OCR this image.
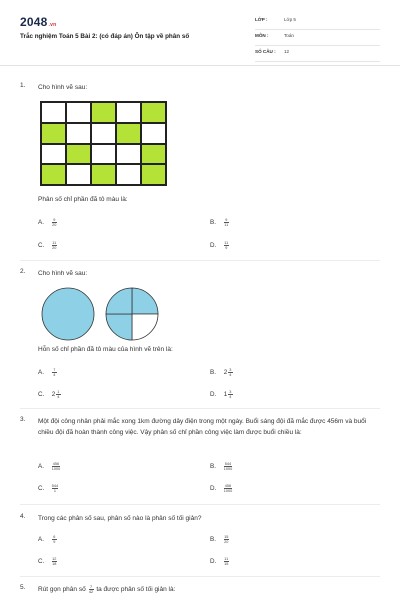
2048.vn
Trắc nghiệm Toán 5 Bài 2: (có đáp án) Ôn tập về phân số
LỚP :	Lớp 5
MÔN :	Toán
SỐ CÂU : 12
1. Cho hình vẽ sau:
Phân số chỉ phần đã tô màu là:
A. $\frac{9}{20}$	B. $\frac{9}{11}$
C. $\frac{11}{20}$	D. $\frac{11}{9}$
2. Cho hình vẽ sau:
Hỗn số chỉ phần đã tô màu của hình vẽ trên là:
A. $\frac{7}{4}$	B. $2 \frac{3}{4}$
C. $2 \frac{1}{4}$	D. $1 \frac{3}{4}$
3. Một đội công nhân phải mắc xong 1km đường dây điện trong một ngày. Buổi sáng đội đã mắc được 456m và buổi chiều đội đã hoàn thành công việc. Vậy phân số chỉ phần công việc làm được buổi chiều là:
A. $\frac{456}{1000}$	B. $\frac{544}{1000}$
C. $\frac{544}{1}$	D. $\frac{456}{1000}$
4. Trong các phân số sau, phân số nào là phân số tối giản?
A. $\frac{6}{9}$	B. $\frac{15}{20}$
C. $\frac{12}{18}$	D. $\frac{11}{15}$
5. Rút gọn phân số $\frac{7}{42}$ ta được phân số tối giản là:
